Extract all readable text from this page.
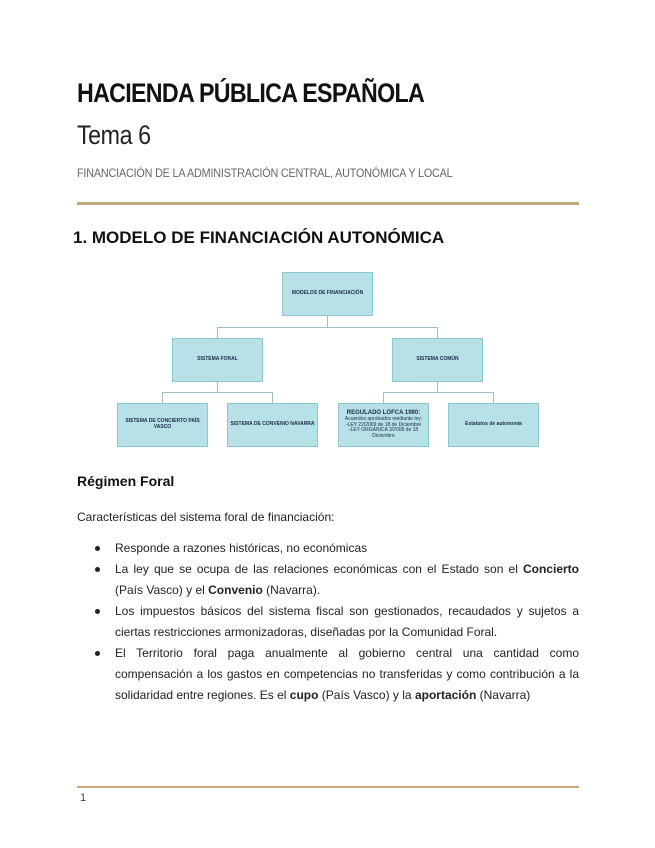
HACIENDA PÚBLICA ESPAÑOLA
Tema 6
FINANCIACIÓN DE LA ADMINISTRACIÓN CENTRAL, AUTONÓMICA Y LOCAL
1. MODELO DE FINANCIACIÓN AUTONÓMICA
MODELOS DE FINANCIACIÓN
SISTEMA FORAL	SISTEMA COMÚN
SISTEMA DE CONCIERTO PAÍS VASCO	SISTEMA DE CONVENIO NAVARRA
REGULADO LOFCA 1980:
Acuerdos aprobados mediante ley:
-LEY 22/2009 de 18 de Diciembre
-LEY ORGÁNICA 3/2009 de 18 Diciembre
Estatutos de autonomía
Régimen Foral
Características del sistema foral de financiación:
Responde a razones históricas, no económicas
La ley que se ocupa de las relaciones económicas con el Estado son el Concierto (País Vasco) y el Convenio (Navarra).
Los impuestos básicos del sistema fiscal son gestionados, recaudados y sujetos a ciertas restricciones armonizadoras, diseñadas por la Comunidad Foral.
El Territorio foral paga anualmente al gobierno central una cantidad como compensación a los gastos en competencias no transferidas y como contribución a la solidaridad entre regiones. Es el cupo (País Vasco) y la aportación (Navarra)
1
